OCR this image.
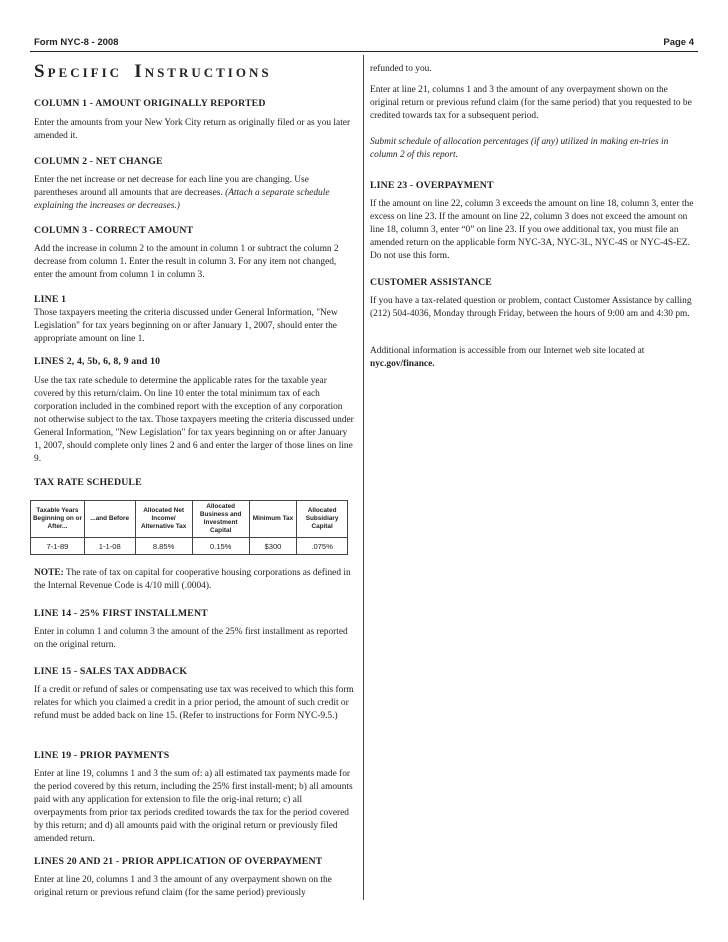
Form NYC-8 - 2008	Page 4
SPECIFIC INSTRUCTIONS
COLUMN 1 - AMOUNT ORIGINALLY REPORTED

Enter the amounts from your New York City return as originally filed or as you later amended it.

COLUMN 2 - NET CHANGE

Enter the net increase or net decrease for each line you are changing. Use parentheses around all amounts that are decreases. (Attach a separate schedule explaining the increases or decreases.)

COLUMN 3 - CORRECT AMOUNT

Add the increase in column 2 to the amount in column 1 or subtract the column 2 decrease from column 1. Enter the result in column 3. For any item not changed, enter the amount from column 1 in column 3.

LINE 1

Those taxpayers meeting the criteria discussed under General Information, "New Legislation" for tax years beginning on or after January 1, 2007, should enter the appropriate amount on line 1.

LINES 2, 4, 5b, 6, 8, 9 and 10

Use the tax rate schedule to determine the applicable rates for the taxable year covered by this return/claim. On line 10 enter the total minimum tax of each corporation included in the combined report with the exception of any corporation not otherwise subject to the tax. Those taxpayers meeting the criteria discussed under General Information, "New Legislation" for tax years beginning on or after January 1, 2007, should complete only lines 2 and 6 and enter the larger of those lines on line 9.

TAX RATE SCHEDULE
Taxable Years Beginning on or After...	...and Before	Allocated Net Income/ Alternative Tax	Allocated Business and Investment Capital	Minimum Tax	Allocated Subsidiary Capital
7-1-89	1-1-08	8.85%	0.15%	$300	.075%

NOTE: The rate of tax on capital for cooperative housing corporations as defined in the Internal Revenue Code is 4/10 mill (.0004).

LINE 14 - 25% FIRST INSTALLMENT

Enter in column 1 and column 3 the amount of the 25% first installment as reported on the original return.

LINE 15 - SALES TAX ADDBACK

If a credit or refund of sales or compensating use tax was received to which this form relates for which you claimed a credit in a prior period, the amount of such credit or refund must be added back on line 15. (Refer to instructions for Form NYC-9.5.)

LINE 19 - PRIOR PAYMENTS

Enter at line 19, columns 1 and 3 the sum of: a) all estimated tax payments made for the period covered by this return, including the 25% first install-ment; b) all amounts paid with any application for extension to file the orig-inal return; c) all overpayments from prior tax periods credited towards the tax for the period covered by this return; and d) all amounts paid with the original return or previously filed amended return.

LINES 20 AND 21 - PRIOR APPLICATION OF OVERPAYMENT

Enter at line 20, columns 1 and 3 the amount of any overpayment shown on the original return or previous refund claim (for the same period) previously

refunded to you.

Enter at line 21, columns 1 and 3 the amount of any overpayment shown on the original return or previous refund claim (for the same period) that you requested to be credited towards tax for a subsequent period.

Submit schedule of allocation percentages (if any) utilized in making en-tries in column 2 of this report.

LINE 23 - OVERPAYMENT

If the amount on line 22, column 3 exceeds the amount on line 18, column 3, enter the excess on line 23. If the amount on line 22, column 3 does not exceed the amount on line 18, column 3, enter “0” on line 23. If you owe additional tax, you must file an amended return on the applicable form NYC-3A, NYC-3L, NYC-4S or NYC-4S-EZ. Do not use this form.

CUSTOMER ASSISTANCE

If you have a tax-related question or problem, contact Customer Assistance by calling (212) 504-4036, Monday through Friday, between the hours of 9:00 am and 4:30 pm.

Additional information is accessible from our Internet web site located at
nyc.gov/finance.
